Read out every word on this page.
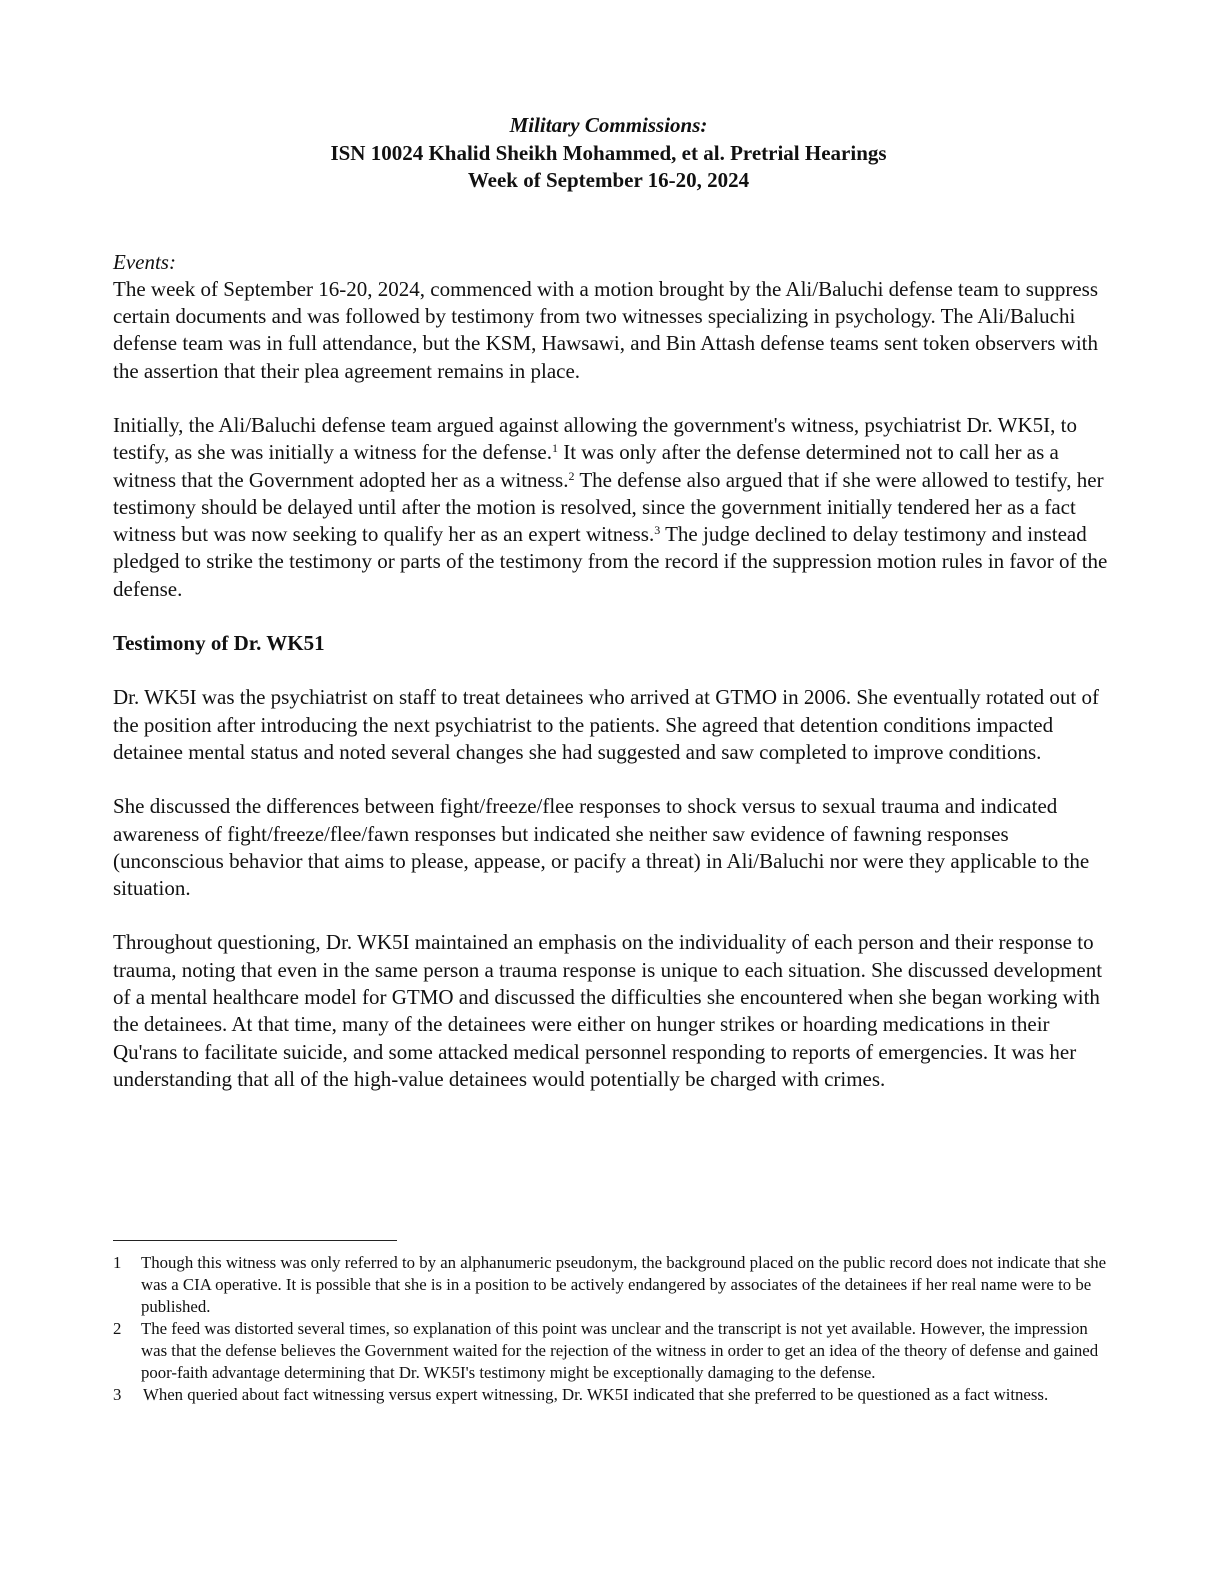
Military Commissions:
ISN 10024 Khalid Sheikh Mohammed, et al. Pretrial Hearings
Week of September 16-20, 2024
Events:

The week of September 16-20, 2024, commenced with a motion brought by the Ali/Baluchi defense team to suppress certain documents and was followed by testimony from two witnesses specializing in psychology. The Ali/Baluchi defense team was in full attendance, but the KSM, Hawsawi, and Bin Attash defense teams sent token observers with the assertion that their plea agreement remains in place.

Initially, the Ali/Baluchi defense team argued against allowing the government's witness, psychiatrist Dr. WK5I, to testify, as she was initially a witness for the defense.$^1$ It was only after the defense determined not to call her as a witness that the Government adopted her as a witness.$^2$ The defense also argued that if she were allowed to testify, her testimony should be delayed until after the motion is resolved, since the government initially tendered her as a fact witness but was now seeking to qualify her as an expert witness.$^3$ The judge declined to delay testimony and instead pledged to strike the testimony or parts of the testimony from the record if the suppression motion rules in favor of the defense.

Testimony of Dr. WK51

Dr. WK5I was the psychiatrist on staff to treat detainees who arrived at GTMO in 2006. She eventually rotated out of the position after introducing the next psychiatrist to the patients. She agreed that detention conditions impacted detainee mental status and noted several changes she had suggested and saw completed to improve conditions.

She discussed the differences between fight/freeze/flee responses to shock versus to sexual trauma and indicated awareness of fight/freeze/flee/fawn responses but indicated she neither saw evidence of fawning responses (unconscious behavior that aims to please, appease, or pacify a threat) in Ali/Baluchi nor were they applicable to the situation.

Throughout questioning, Dr. WK5I maintained an emphasis on the individuality of each person and their response to trauma, noting that even in the same person a trauma response is unique to each situation. She discussed development of a mental healthcare model for GTMO and discussed the difficulties she encountered when she began working with the detainees. At that time, many of the detainees were either on hunger strikes or hoarding medications in their Qu'rans to facilitate suicide, and some attacked medical personnel responding to reports of emergencies. It was her understanding that all of the high-value detainees would potentially be charged with crimes.

1 Though this witness was only referred to by an alphanumeric pseudonym, the background placed on the public record does not indicate that she was a CIA operative. It is possible that she is in a position to be actively endangered by associates of the detainees if her real name were to be published.
2 The feed was distorted several times, so explanation of this point was unclear and the transcript is not yet available. However, the impression was that the defense believes the Government waited for the rejection of the witness in order to get an idea of the theory of defense and gained poor-faith advantage determining that Dr. WK5I's testimony might be exceptionally damaging to the defense.
3 When queried about fact witnessing versus expert witnessing, Dr. WK5I indicated that she preferred to be questioned as a fact witness.
